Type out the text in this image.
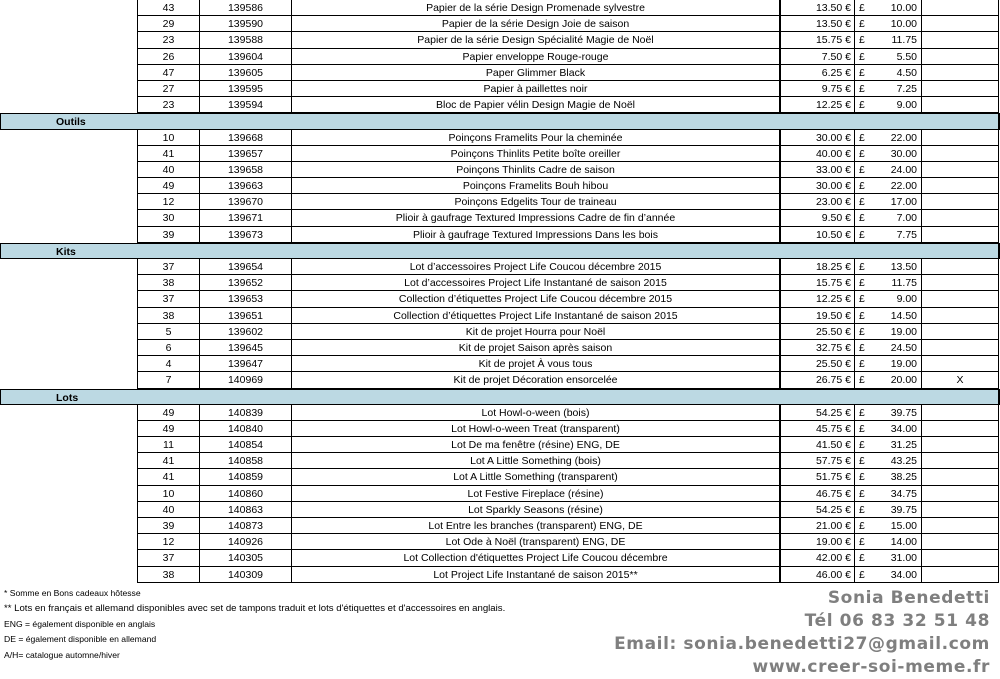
43	139586	Papier de la série Design Promenade sylvestre	13.50 € £ 10.00
29	139590	Papier de la série Design Joie de saison	13.50 € £ 10.00
23	139588	Papier de la série Design Spécialité Magie de Noël	15.75 € £	11.75
26	139604	Papier enveloppe Rouge-rouge	7.50 € £	5.50
47	139605	Paper Glimmer Black	6.25 € £	4.50
27	139595	Papier à paillettes noir	9.75 € £	7.25
23	139594	Bloc de Papier vélin Design Magie de Noël	12.25 € £	9.00
Outils
10	139668	Poinçons Framelits Pour la cheminée	30.00 € £ 22.00
41	139657	Poinçons Thinlits Petite boîte oreiller	40.00 € £ 30.00
40	139658	Poinçons Thinlits Cadre de saison	33.00 € £ 24.00
49	139663	Poinçons Framelits Bouh hibou	30.00 € £ 22.00
12	139670	Poinçons Edgelits Tour de traineau	23.00 € £ 17.00
30	139671	Plioir à gaufrage Textured Impressions Cadre de fin d’année	9.50 € £	7.00
39	139673	Plioir à gaufrage Textured Impressions Dans les bois	10.50 € £	7.75
Kits
37	139654	Lot d’accessoires Project Life Coucou décembre 2015	18.25 € £ 13.50
38	139652	Lot d’accessoires Project Life Instantané de saison 2015	15.75 € £	11.75
37	139653	Collection d’étiquettes Project Life Coucou décembre 2015	12.25 € £	9.00
38	139651	Collection d’étiquettes Project Life Instantané de saison 2015	19.50 € £ 14.50
5	139602	Kit de projet Hourra pour Noël	25.50 € £ 19.00
6	139645	Kit de projet Saison après saison	32.75 € £ 24.50
4	139647	Kit de projet À vous tous	25.50 € £ 19.00
7	140969	Kit de projet Décoration ensorcelée	26.75 € £ 20.00	X
Lots
49	140839	Lot Howl-o-ween (bois)	54.25 € £ 39.75
49	140840	Lot Howl-o-ween Treat (transparent)	45.75 € £ 34.00
11	140854	Lot De ma fenêtre (résine) ENG, DE	41.50 € £ 31.25
41	140858	Lot A Little Something (bois)	57.75 € £ 43.25
41	140859	Lot A Little Something (transparent)	51.75 € £ 38.25
10	140860	Lot Festive Fireplace (résine)	46.75 € £ 34.75
40	140863	Lot Sparkly Seasons (résine)	54.25 € £ 39.75
39	140873	Lot Entre les branches (transparent) ENG, DE	21.00 € £ 15.00
12	140926	Lot Ode à Noël (transparent) ENG, DE	19.00 € £ 14.00
37	140305	Lot Collection d'étiquettes Project Life Coucou décembre	42.00 € £ 31.00
38	140309	Lot Project Life Instantané de saison 2015**	46.00 € £ 34.00
* Somme en Bons cadeaux hôtesse
** Lots en français et allemand disponibles avec set de tampons traduit et lots d'étiquettes et d'accessoires en anglais.
ENG = également disponible en anglais
DE = également disponible en allemand
A/H= catalogue automne/hiver
Sonia Benedetti
Tél 06 83 32 51 48
Email: sonia.benedetti27@gmail.com
www.creer-soi-meme.fr
